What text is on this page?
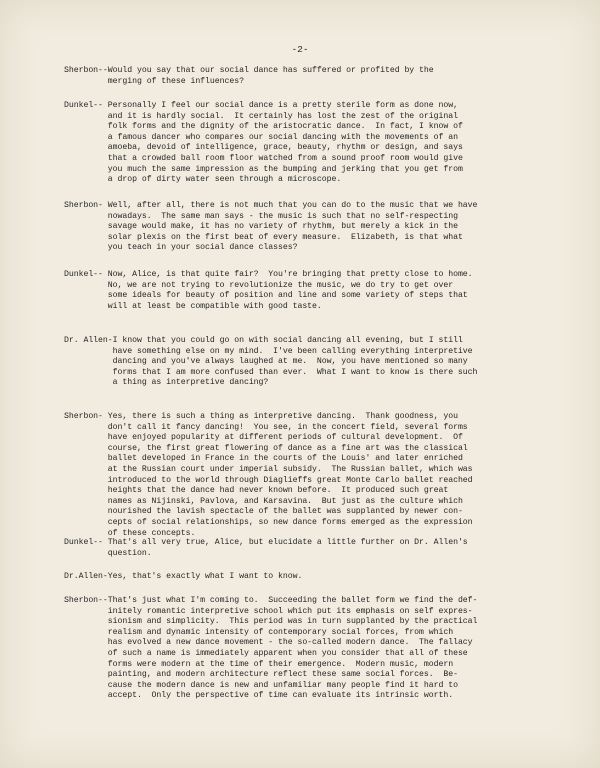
-2-
Sherbon-- Would you say that our social dance has suffered or profited by the
merging of these influences?
Dunkel-- Personally I feel our social dance is a pretty sterile form as done now,
and it is hardly social.  It certainly has lost the zest of the original
folk forms and the dignity of the aristocratic dance.  In fact, I know of
a famous dancer who compares our social dancing with the movements of an
amoeba, devoid of intelligence, grace, beauty, rhythm or design, and says
that a crowded ball room floor watched from a sound proof room would give
you much the same impression as the bumping and jerking that you get from
a drop of dirty water seen through a microscope.
Sherbon- Well, after all, there is not much that you can do to the music that we have
nowadays.  The same man says - the music is such that no self-respecting
savage would make, it has no variety of rhythm, but merely a kick in the
solar plexis on the first beat of every measure.  Elizabeth, is that what
you teach in your social dance classes?
Dunkel-- Now, Alice, is that quite fair?  You're bringing that pretty close to home.
No, we are not trying to revolutionize the music, we do try to get over
some ideals for beauty of position and line and some variety of steps that
will at least be compatible with good taste.
Dr. Allen- I know that you could go on with social dancing all evening, but I still
have something else on my mind.  I've been calling everything interpretive
dancing and you've always laughed at me.  Now, you have mentioned so many
forms that I am more confused than ever.  What I want to know is there such
a thing as interpretive dancing?
Sherbon- Yes, there is such a thing as interpretive dancing.  Thank goodness, you
don't call it fancy dancing!  You see, in the concert field, several forms
have enjoyed popularity at different periods of cultural development.  Of
course, the first great flowering of dance as a fine art was the classical
ballet developed in France in the courts of the Louis' and later enriched
at the Russian court under imperial subsidy.  The Russian ballet, which was
introduced to the world through Diaglieffs great Monte Carlo ballet reached
heights that the dance had never known before.  It produced such great
names as Nijinski, Pavlova, and Karsavina.  But just as the culture which
nourished the lavish spectacle of the ballet was supplanted by newer con-
cepts of social relationships, so new dance forms emerged as the expression
of these concepts.
Dunkel-- That's all very true, Alice, but elucidate a little further on Dr. Allen's
question.
Dr.Allen- Yes, that's exactly what I want to know.
Sherbon-- That's just what I'm coming to.  Succeeding the ballet form we find the def-
initely romantic interpretive school which put its emphasis on self expres-
sionism and simplicity.  This period was in turn supplanted by the practical
realism and dynamic intensity of contemporary social forces, from which
has evolved a new dance movement - the so-called modern dance.  The fallacy
of such a name is immediately apparent when you consider that all of these
forms were modern at the time of their emergence.  Modern music, modern
painting, and modern architecture reflect these same social forces.  Be-
cause the modern dance is new and unfamiliar many people find it hard to
accept.  Only the perspective of time can evaluate its intrinsic worth.
